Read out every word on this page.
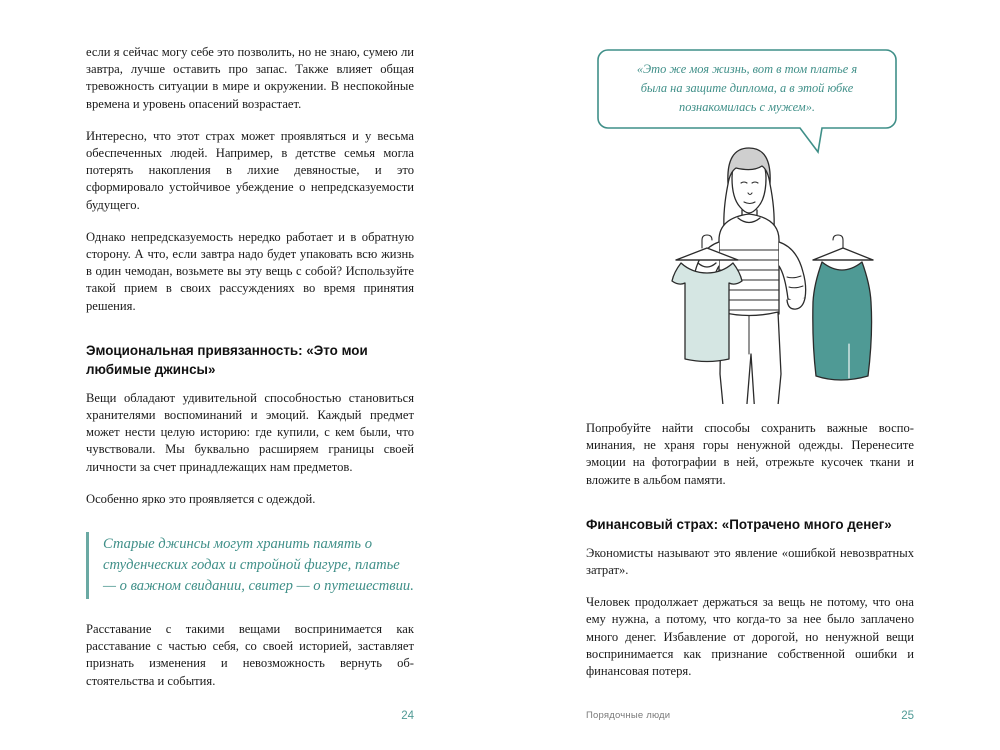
если я сейчас могу себе это позволить, но не знаю, сумею ли завтра, лучше оставить про запас. Также влияет общая тревожность ситуации в мире и окружении. В неспокойные времена и уровень опасений возрастает.

Интересно, что этот страх может проявляться и у весьма обеспеченных людей. Например, в детстве семья могла потерять накопления в лихие девяностые, и это сформировало устойчивое убеждение о непредсказуемости будущего.

Однако непредсказуемость нередко работает и в обратную сторону. А что, если завтра надо будет упаковать всю жизнь в один чемодан, возьмете вы эту вещь с собой? Используйте такой прием в своих рассуждениях во время принятия решения.

Эмоциональная привязанность: «Это мои любимые джинсы»

Вещи обладают удивительной способностью становиться хранителями воспоминаний и эмоций. Каждый предмет может нести целую историю: где купили, с кем были, что чувствовали. Мы буквально расширяем границы своей личности за счет принадлежащих нам предметов.

Особенно ярко это проявляется с одеждой.

Старые джинсы могут хранить память о студенческих годах и стройной фигуре, платье — о важном свидании, свитер — о путешествии.

Расставание с такими вещами воспринимается как расставание с частью себя, со своей историей, заставляет признать изменения и невозможность вернуть обстоятельства и события.

24
«Это же моя жизнь, вот в том платье я
была на защите диплома, а в этой юбке
познакомилась с мужем».

Попробуйте найти способы сохранить важные воспоминания, не храня горы ненужной одежды. Перенесите эмоции на фотографии в ней, отрежьте кусочек ткани и вложите в альбом памяти.

Финансовый страх: «Потрачено много денег»

Экономисты называют это явление «ошибкой невозвратных затрат».

Человек продолжает держаться за вещь не потому, что она ему нужна, а потому, что когда-то за нее было заплачено много денег. Избавление от дорогой, но ненужной вещи воспринимается как признание собственной ошибки и финансовая потеря.

Порядочные люди	25
